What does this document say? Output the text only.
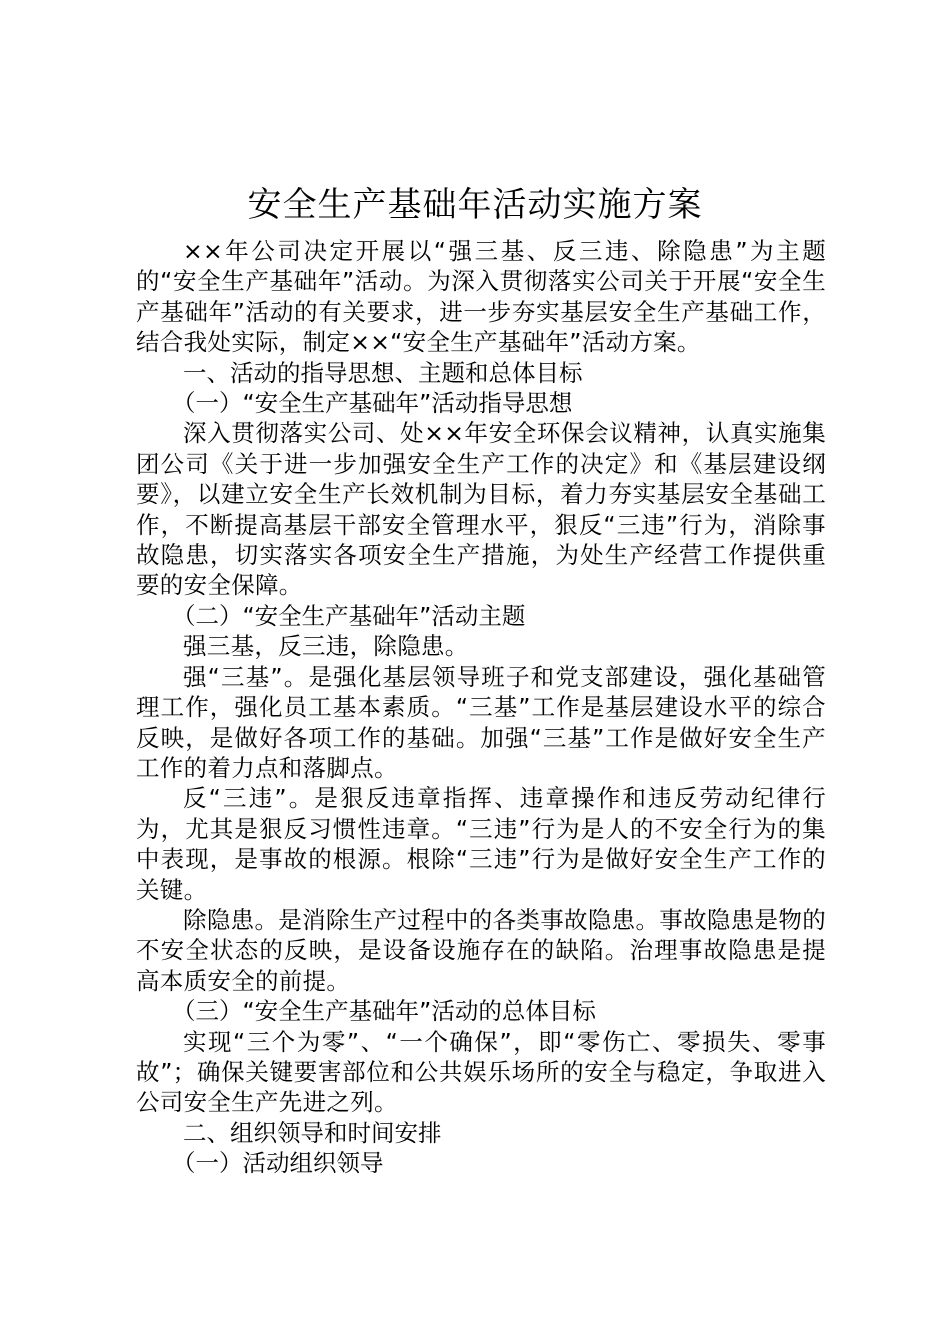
安全生产基础年活动实施方案

××年公司决定开展以“强三基、反三违、除隐患”为主题的“安全生产基础年”活动。为深入贯彻落实公司关于开展“安全生产基础年”活动的有关要求，进一步夯实基层安全生产基础工作，结合我处实际，制定××“安全生产基础年”活动方案。

一、活动的指导思想、主题和总体目标

（一）“安全生产基础年”活动指导思想

深入贯彻落实公司、处××年安全环保会议精神，认真实施集团公司《关于进一步加强安全生产工作的决定》和《基层建设纲要》，以建立安全生产长效机制为目标，着力夯实基层安全基础工作，不断提高基层干部安全管理水平，狠反“三违”行为，消除事故隐患，切实落实各项安全生产措施，为处生产经营工作提供重要的安全保障。

（二）“安全生产基础年”活动主题

强三基，反三违，除隐患。

强“三基”。是强化基层领导班子和党支部建设，强化基础管理工作，强化员工基本素质。“三基”工作是基层建设水平的综合反映，是做好各项工作的基础。加强“三基”工作是做好安全生产工作的着力点和落脚点。

反“三违”。是狠反违章指挥、违章操作和违反劳动纪律行为，尤其是狠反习惯性违章。“三违”行为是人的不安全行为的集中表现，是事故的根源。根除“三违”行为是做好安全生产工作的关键。

除隐患。是消除生产过程中的各类事故隐患。事故隐患是物的不安全状态的反映，是设备设施存在的缺陷。治理事故隐患是提高本质安全的前提。

（三）“安全生产基础年”活动的总体目标

实现“三个为零”、“一个确保”，即“零伤亡、零损失、零事故”；确保关键要害部位和公共娱乐场所的安全与稳定，争取进入公司安全生产先进之列。

二、组织领导和时间安排

（一）活动组织领导
